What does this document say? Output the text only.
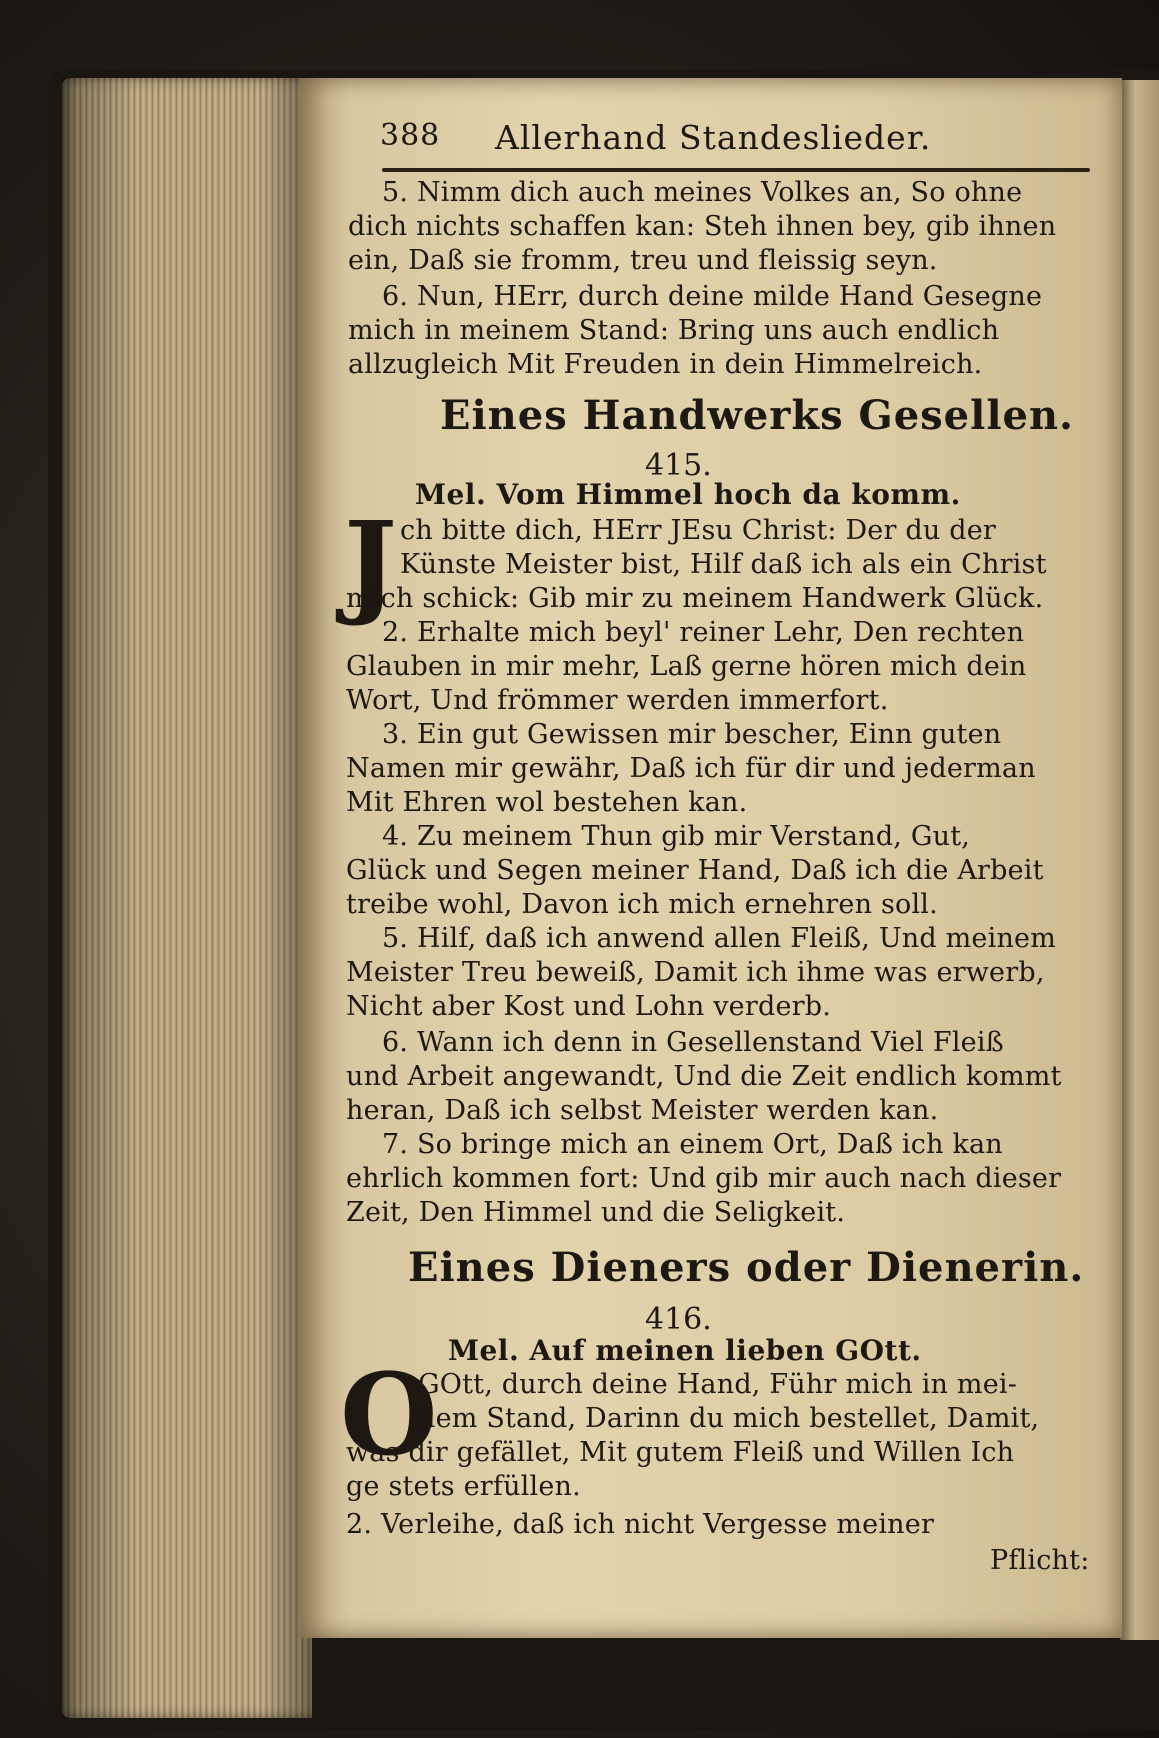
388 Allerhand Standeslieder.
5. Nimm dich auch meines Volkes an, So ohne
dich nichts schaffen kan: Steh ihnen bey, gib ihnen
ein, Daß sie fromm, treu und fleissig seyn.
6. Nun, HErr, durch deine milde Hand Gesegne
mich in meinem Stand: Bring uns auch endlich
allzugleich Mit Freuden in dein Himmelreich.
Eines Handwerks Gesellen.
415.
Mel. Vom Himmel hoch da komm.
J ch bitte dich, HErr JEsu Christ: Der du der
Künste Meister bist, Hilf daß ich als ein Christ
mich schick: Gib mir zu meinem Handwerk Glück.
2. Erhalte mich beyl' reiner Lehr, Den rechten
Glauben in mir mehr, Laß gerne hören mich dein
Wort, Und frömmer werden immerfort.
3. Ein gut Gewissen mir bescher, Einn guten
Namen mir gewähr, Daß ich für dir und jederman
Mit Ehren wol bestehen kan.
4. Zu meinem Thun gib mir Verstand, Gut,
Glück und Segen meiner Hand, Daß ich die Arbeit
treibe wohl, Davon ich mich ernehren soll.
5. Hilf, daß ich anwend allen Fleiß, Und meinem
Meister Treu beweiß, Damit ich ihme was erwerb,
Nicht aber Kost und Lohn verderb.
6. Wann ich denn in Gesellenstand Viel Fleiß
und Arbeit angewandt, Und die Zeit endlich kommt
heran, Daß ich selbst Meister werden kan.
7. So bringe mich an einem Ort, Daß ich kan
ehrlich kommen fort: Und gib mir auch nach dieser
Zeit, Den Himmel und die Seligkeit.
Eines Dieners oder Dienerin.
416.
Mel. Auf meinen lieben GOtt.
O
GOtt, durch deine Hand, Führ mich in mei-
nem Stand, Darinn du mich bestellet, Damit,
was dir gefället, Mit gutem Fleiß und Willen Ich
ge stets erfüllen.
2. Verleihe, daß ich nicht Vergesse meiner
Pflicht:
